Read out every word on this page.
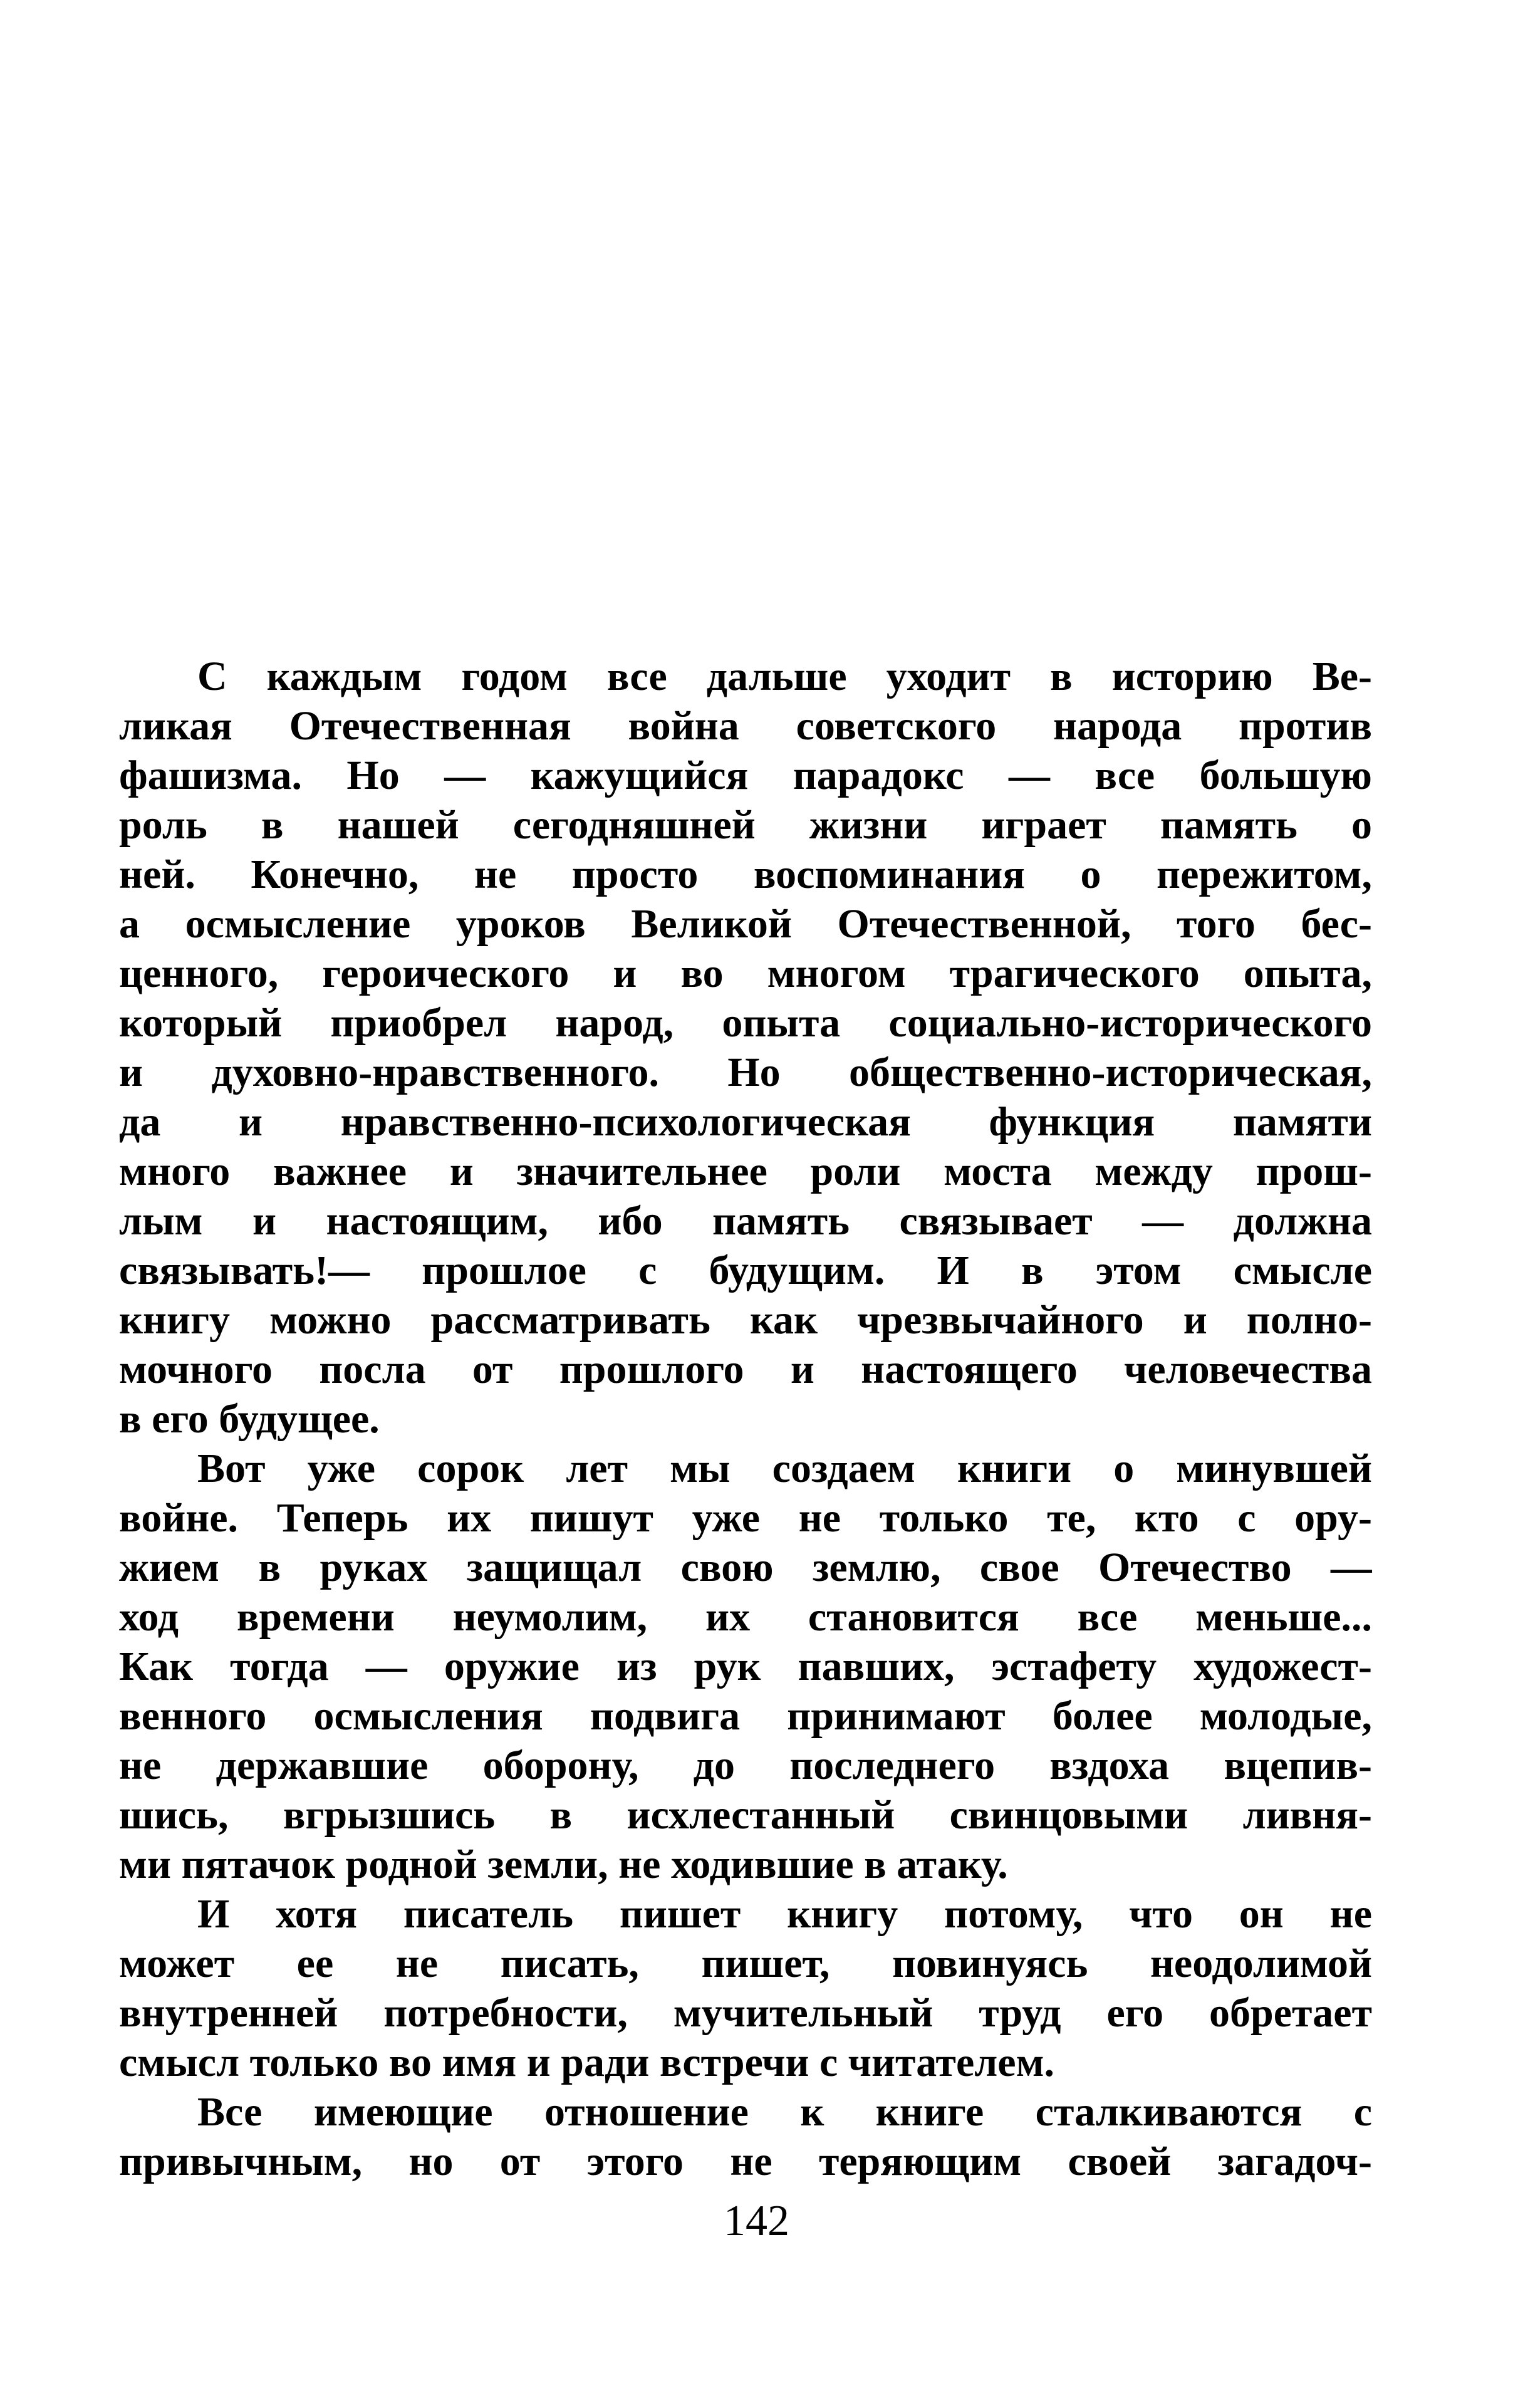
С каждым годом все дальше уходит в историю Ве-
ликая Отечественная война советского народа против
фашизма. Но — кажущийся парадокс — все большую
роль в нашей сегодняшней жизни играет память о
ней. Конечно, не просто воспоминания о пережитом,
а осмысление уроков Великой Отечественной, того бес-
ценного, героического и во многом трагического опыта,
который приобрел народ, опыта социально-исторического
и духовно-нравственного. Но общественно-историческая,
да и нравственно-психологическая функция памяти
много важнее и значительнее роли моста между прош-
лым и настоящим, ибо память связывает — должна
связывать!— прошлое с будущим. И в этом смысле
книгу можно рассматривать как чрезвычайного и полно-
мочного посла от прошлого и настоящего человечества
в его будущее.
Вот уже сорок лет мы создаем книги о минувшей
войне. Теперь их пишут уже не только те, кто с ору-
жием в руках защищал свою землю, свое Отечество —
ход времени неумолим, их становится все меньше...
Как тогда — оружие из рук павших, эстафету художест-
венного осмысления подвига принимают более молодые,
не державшие оборону, до последнего вздоха вцепив-
шись, вгрызшись в исхлестанный свинцовыми ливня-
ми пятачок родной земли, не ходившие в атаку.
И хотя писатель пишет книгу потому, что он не
может ее не писать, пишет, повинуясь неодолимой
внутренней потребности, мучительный труд его обретает
смысл только во имя и ради встречи с читателем.
Все имеющие отношение к книге сталкиваются с
привычным, но от этого не теряющим своей загадоч-
142
